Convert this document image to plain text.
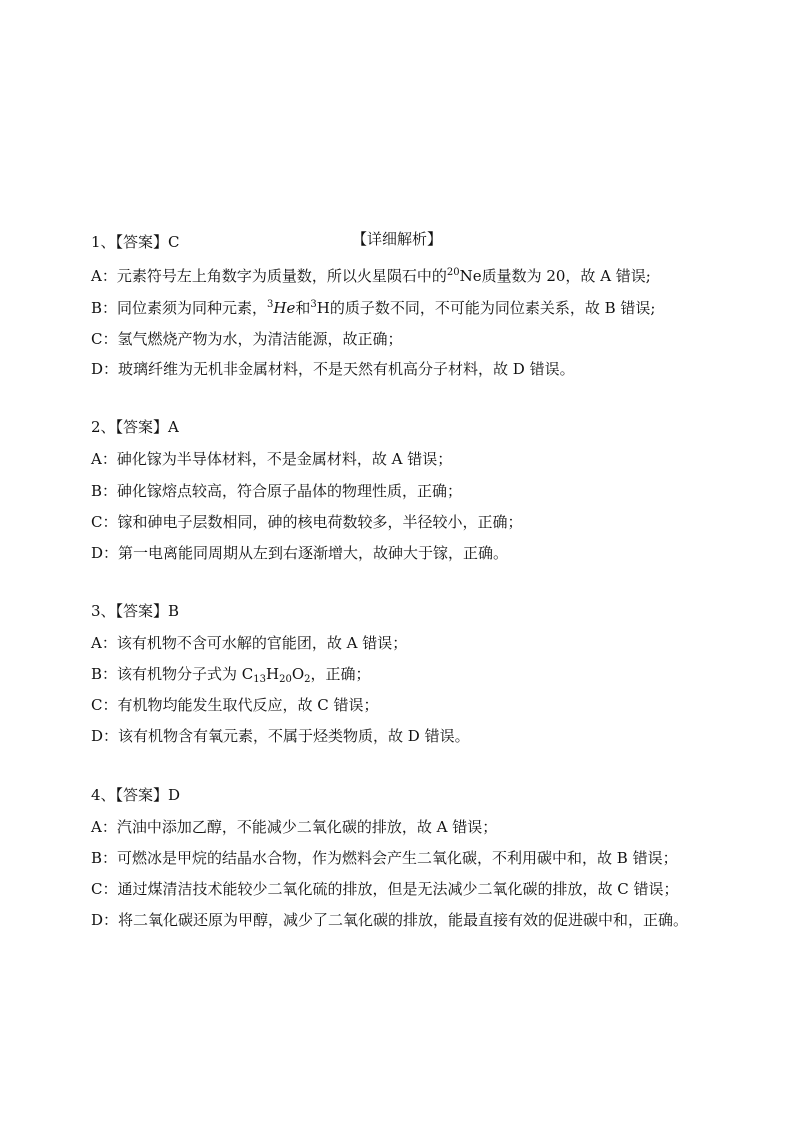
【详细解析】
1、【答案】C
A：元素符号左上角数字为质量数，所以火星陨石中的$^{20}$Ne质量数为 20，故 A 错误;
B：同位素须为同种元素，$^3$He和$^3$H的质子数不同，不可能为同位素关系，故 B 错误;
C：氢气燃烧产物为水，为清洁能源，故正确；
D：玻璃纤维为无机非金属材料，不是天然有机高分子材料，故 D 错误。
2、【答案】A
A：砷化镓为半导体材料，不是金属材料，故 A 错误；
B：砷化镓熔点较高，符合原子晶体的物理性质，正确；
C：镓和砷电子层数相同，砷的核电荷数较多，半径较小，正确；
D：第一电离能同周期从左到右逐渐增大，故砷大于镓，正确。
3、【答案】B
A：该有机物不含可水解的官能团，故 A 错误；
B：该有机物分子式为 $C_{13}H_{20}O_2$，正确；
C：有机物均能发生取代反应，故 C 错误；
D：该有机物含有氧元素，不属于烃类物质，故 D 错误。
4、【答案】D
A：汽油中添加乙醇，不能减少二氧化碳的排放，故 A 错误；
B：可燃冰是甲烷的结晶水合物，作为燃料会产生二氧化碳，不利用碳中和，故 B 错误；
C：通过煤清洁技术能较少二氧化硫的排放，但是无法减少二氧化碳的排放，故 C 错误；
D：将二氧化碳还原为甲醇，减少了二氧化碳的排放，能最直接有效的促进碳中和，正确。
